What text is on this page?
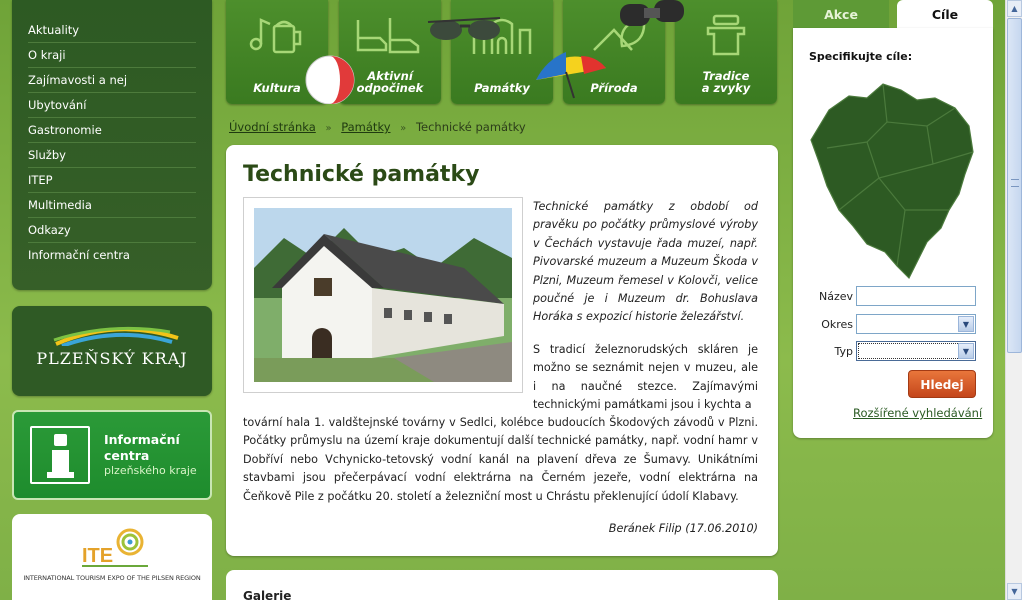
Aktuality
O kraji
Zajímavosti a nej
Ubytování
Gastronomie
Služby
ITEP
Multimedia
Odkazy
Informační centra
PLZEŇSKÝ KRAJ
Informační
centra
plzeňského kraje
ITE
INTERNATIONAL TOURISM EXPO OF THE PILSEN REGION
Kultura
Aktivní
odpočinek	Památky	Příroda
Tradice
a zvyky
Akce	Cíle
Specifikujte cíle:
Název
Okres	▼
Typ	▼
Hledej
Rozšířené vyhledávání
Úvodní stránka » Památky » Technické památky
Technické památky

Technické památky z období od pravěku po počátky průmyslové výroby v Čechách vystavuje řada muzeí, např. Pivovarské muzeum a Muzeum Škoda v Plzni, Muzeum řemesel v Kolovči, velice poučné je i Muzeum dr. Bohuslava Horáka s expozicí historie železářství.

S tradicí železnorudských skláren je možno se seznámit nejen v muzeu, ale i na naučné stezce. Zajímavými technickými památkami jsou i kychta a

tovární hala 1. valdštejnské továrny v Sedlci, kolébce budoucích Škodových závodů v Plzni. Počátky průmyslu na území kraje dokumentují další technické památky, např. vodní hamr v Dobříví nebo Vchynicko-tetovský vodní kanál na plavení dřeva ze Šumavy. Unikátními stavbami jsou přečerpávací vodní elektrárna na Černém jezeře, vodní elektrárna na Čeňkově Pile z počátku 20. století a železniční most u Chrástu překlenující údolí Klabavy.

Beránek Filip (17.06.2010)
Galerie
▲
▼
